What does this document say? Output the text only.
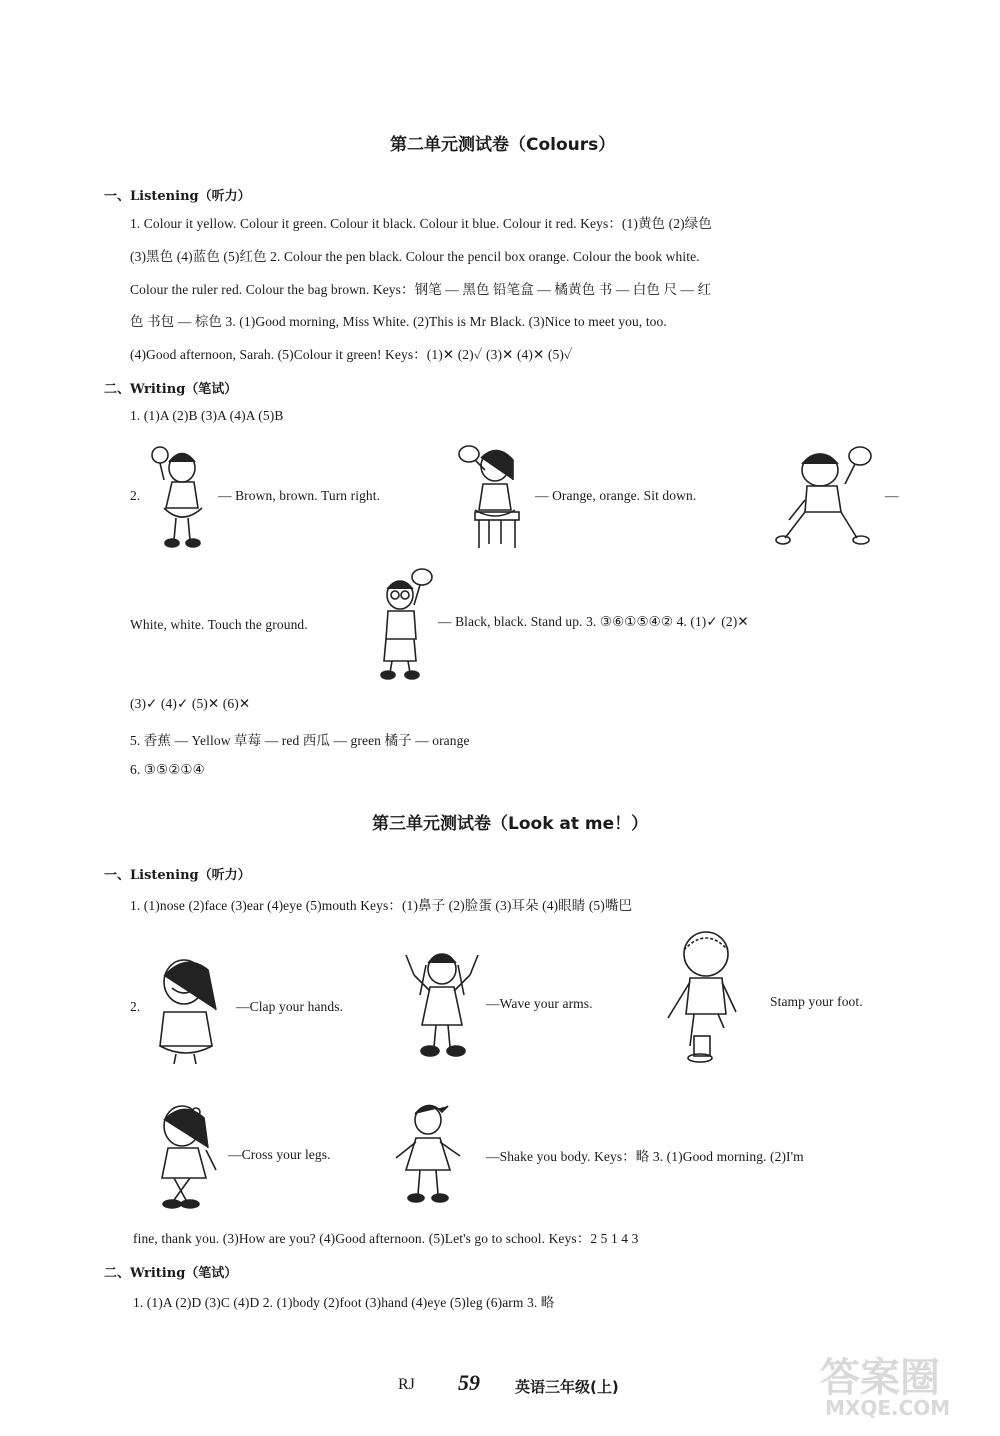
第二单元测试卷（Colours）
一、Listening（听力）
1. Colour it yellow. Colour it green. Colour it black. Colour it blue. Colour it red. Keys：(1)黄色 (2)绿色
(3)黑色 (4)蓝色 (5)红色 2. Colour the pen black. Colour the pencil box orange. Colour the book white.
Colour the ruler red. Colour the bag brown. Keys：钢笔 — 黑色 铅笔盒 — 橘黄色 书 — 白色 尺 — 红
色 书包 — 棕色 3. (1)Good morning, Miss White. (2)This is Mr Black. (3)Nice to meet you, too.
(4)Good afternoon, Sarah. (5)Colour it green! Keys：(1)✕ (2)✓ (3)✕ (4)✕ (5)✓
二、Writing（笔试）
1. (1)A (2)B (3)A (4)A (5)B
2.	— Brown, brown. Turn right.	— Orange, orange. Sit down.	—
White, white. Touch the ground.	— Black, black. Stand up. 3. ③⑥①⑤④② 4. (1)✓ (2)✕
(3)✓ (4)✓ (5)✕ (6)✕
5. 香蕉 — Yellow 草莓 — red 西瓜 — green 橘子 — orange
6. ③⑤②①④
第三单元测试卷（Look at me！）
一、Listening（听力）
1. (1)nose (2)face (3)ear (4)eye (5)mouth Keys：(1)鼻子 (2)脸蛋 (3)耳朵 (4)眼睛 (5)嘴巴
2.	—Clap your hands.	—Wave your arms.	Stamp your foot.
—Cross your legs.	—Shake you body. Keys：略 3. (1)Good morning. (2)I'm
fine, thank you. (3)How are you? (4)Good afternoon. (5)Let's go to school. Keys：2 5 1 4 3
二、Writing（笔试）
1. (1)A (2)D (3)C (4)D 2. (1)body (2)foot (3)hand (4)eye (5)leg (6)arm 3. 略
RJ 59 英语三年级(上)	答案圈
MXQE.COM
